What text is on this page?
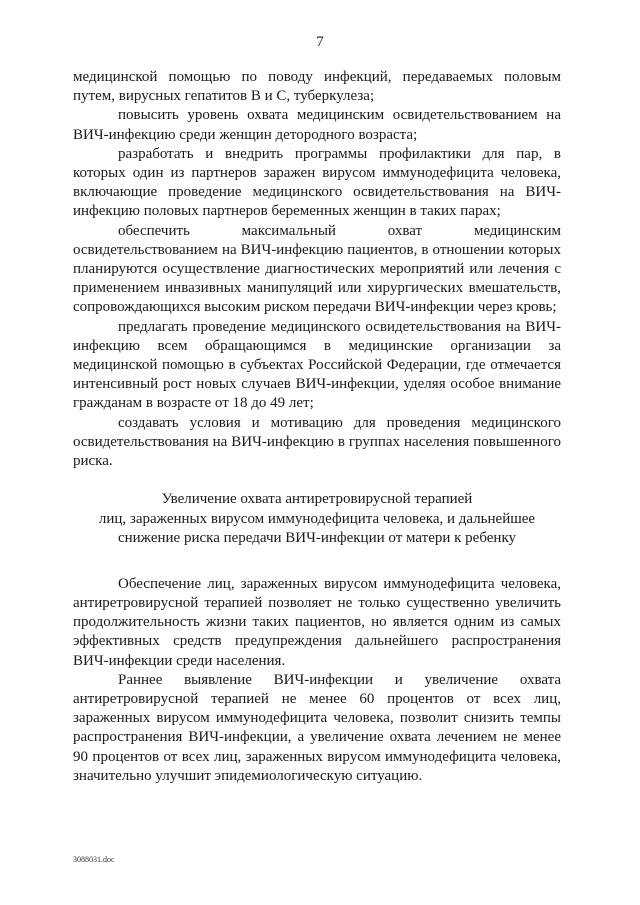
7

медицинской помощью по поводу инфекций, передаваемых половым путем, вирусных гепатитов В и С, туберкулеза;

повысить уровень охвата медицинским освидетельствованием на ВИЧ-инфекцию среди женщин детородного возраста;

разработать и внедрить программы профилактики для пар, в которых один из партнеров заражен вирусом иммунодефицита человека, включающие проведение медицинского освидетельствования на ВИЧ-инфекцию половых партнеров беременных женщин в таких парах;

обеспечить максимальный охват медицинским освидетельствованием на ВИЧ-инфекцию пациентов, в отношении которых планируются осуществление диагностических мероприятий или лечения с применением инвазивных манипуляций или хирургических вмешательств, сопровождающихся высоким риском передачи ВИЧ-инфекции через кровь;

предлагать проведение медицинского освидетельствования на ВИЧ-инфекцию всем обращающимся в медицинские организации за медицинской помощью в субъектах Российской Федерации, где отмечается интенсивный рост новых случаев ВИЧ-инфекции, уделяя особое внимание гражданам в возрасте от 18 до 49 лет;

создавать условия и мотивацию для проведения медицинского освидетельствования на ВИЧ-инфекцию в группах населения повышенного риска.

Увеличение охвата антиретровирусной терапией
лиц, зараженных вирусом иммунодефицита человека, и дальнейшее
снижение риска передачи ВИЧ-инфекции от матери к ребенку

Обеспечение лиц, зараженных вирусом иммунодефицита человека, антиретровирусной терапией позволяет не только существенно увеличить продолжительность жизни таких пациентов, но является одним из самых эффективных средств предупреждения дальнейшего распространения ВИЧ-инфекции среди населения.

Раннее выявление ВИЧ-инфекции и увеличение охвата антиретровирусной терапией не менее 60 процентов от всех лиц, зараженных вирусом иммунодефицита человека, позволит снизить темпы распространения ВИЧ-инфекции, а увеличение охвата лечением не менее 90 процентов от всех лиц, зараженных вирусом иммунодефицита человека, значительно улучшит эпидемиологическую ситуацию.

3088031.doc
